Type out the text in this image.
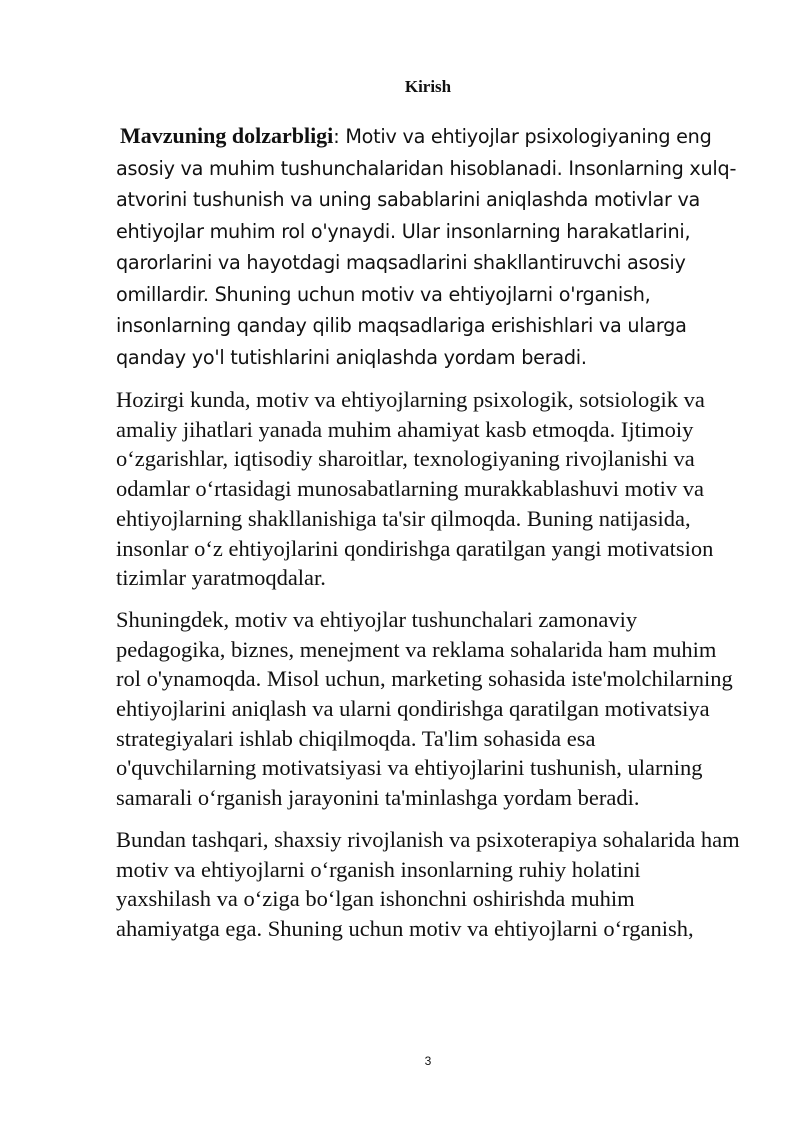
Kirish

Mavzuning dolzarbligi: Motiv va ehtiyojlar psixologiyaning eng asosiy va muhim tushunchalaridan hisoblanadi. Insonlarning xulq-atvorini tushunish va uning sabablarini aniqlashda motivlar va ehtiyojlar muhim rol o'ynaydi. Ular insonlarning harakatlarini, qarorlarini va hayotdagi maqsadlarini shakllantiruvchi asosiy omillardir. Shuning uchun motiv va ehtiyojlarni o'rganish, insonlarning qanday qilib maqsadlariga erishishlari va ularga qanday yo'l tutishlarini aniqlashda yordam beradi.

Hozirgi kunda, motiv va ehtiyojlarning psixologik, sotsiologik va amaliy jihatlari yanada muhim ahamiyat kasb etmoqda. Ijtimoiy o‘zgarishlar, iqtisodiy sharoitlar, texnologiyaning rivojlanishi va odamlar o‘rtasidagi munosabatlarning murakkablashuvi motiv va ehtiyojlarning shakllanishiga ta'sir qilmoqda. Buning natijasida, insonlar o‘z ehtiyojlarini qondirishga qaratilgan yangi motivatsion tizimlar yaratmoqdalar.

Shuningdek, motiv va ehtiyojlar tushunchalari zamonaviy pedagogika, biznes, menejment va reklama sohalarida ham muhim rol o'ynamoqda. Misol uchun, marketing sohasida iste'molchilarning ehtiyojlarini aniqlash va ularni qondirishga qaratilgan motivatsiya strategiyalari ishlab chiqilmoqda. Ta'lim sohasida esa o'quvchilarning motivatsiyasi va ehtiyojlarini tushunish, ularning samarali o‘rganish jarayonini ta'minlashga yordam beradi.

Bundan tashqari, shaxsiy rivojlanish va psixoterapiya sohalarida ham motiv va ehtiyojlarni o‘rganish insonlarning ruhiy holatini yaxshilash va o‘ziga bo‘lgan ishonchni oshirishda muhim ahamiyatga ega. Shuning uchun motiv va ehtiyojlarni o‘rganish,

3
